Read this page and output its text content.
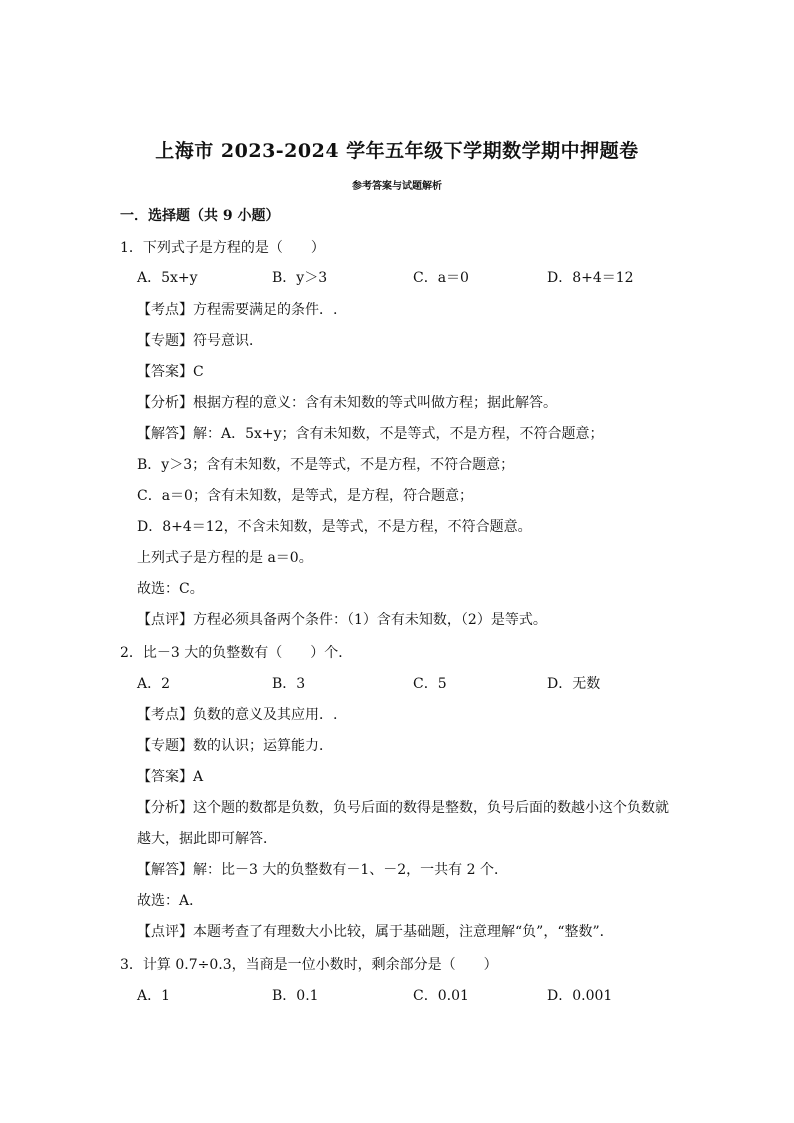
上海市 2023-2024 学年五年级下学期数学期中押题卷
参考答案与试题解析
一．选择题（共 9 小题）
1．下列式子是方程的是（　　）
A．5x+y	B．y＞3	C．a＝0	D．8+4＝12
【考点】方程需要满足的条件．.
【专题】符号意识．
【答案】C
【分析】根据方程的意义：含有未知数的等式叫做方程；据此解答。
【解答】解：A．5x+y；含有未知数，不是等式，不是方程，不符合题意；
B．y＞3；含有未知数，不是等式，不是方程，不符合题意；
C．a＝0；含有未知数，是等式，是方程，符合题意；
D．8+4＝12，不含未知数，是等式，不是方程，不符合题意。
上列式子是方程的是 a＝0。
故选：C。
【点评】方程必须具备两个条件：（1）含有未知数，（2）是等式。
2．比－3 大的负整数有（　　）个．
A．2	B．3	C．5	D．无数
【考点】负数的意义及其应用．.
【专题】数的认识；运算能力．
【答案】A
【分析】这个题的数都是负数，负号后面的数得是整数，负号后面的数越小这个负数就
越大，据此即可解答．
【解答】解：比－3 大的负整数有－1、－2，一共有 2 个．
故选：A．
【点评】本题考查了有理数大小比较，属于基础题，注意理解“负”，“整数”．
3．计算 0.7÷0.3，当商是一位小数时，剩余部分是（　　）
A．1	B．0.1	C．0.01	D．0.001
